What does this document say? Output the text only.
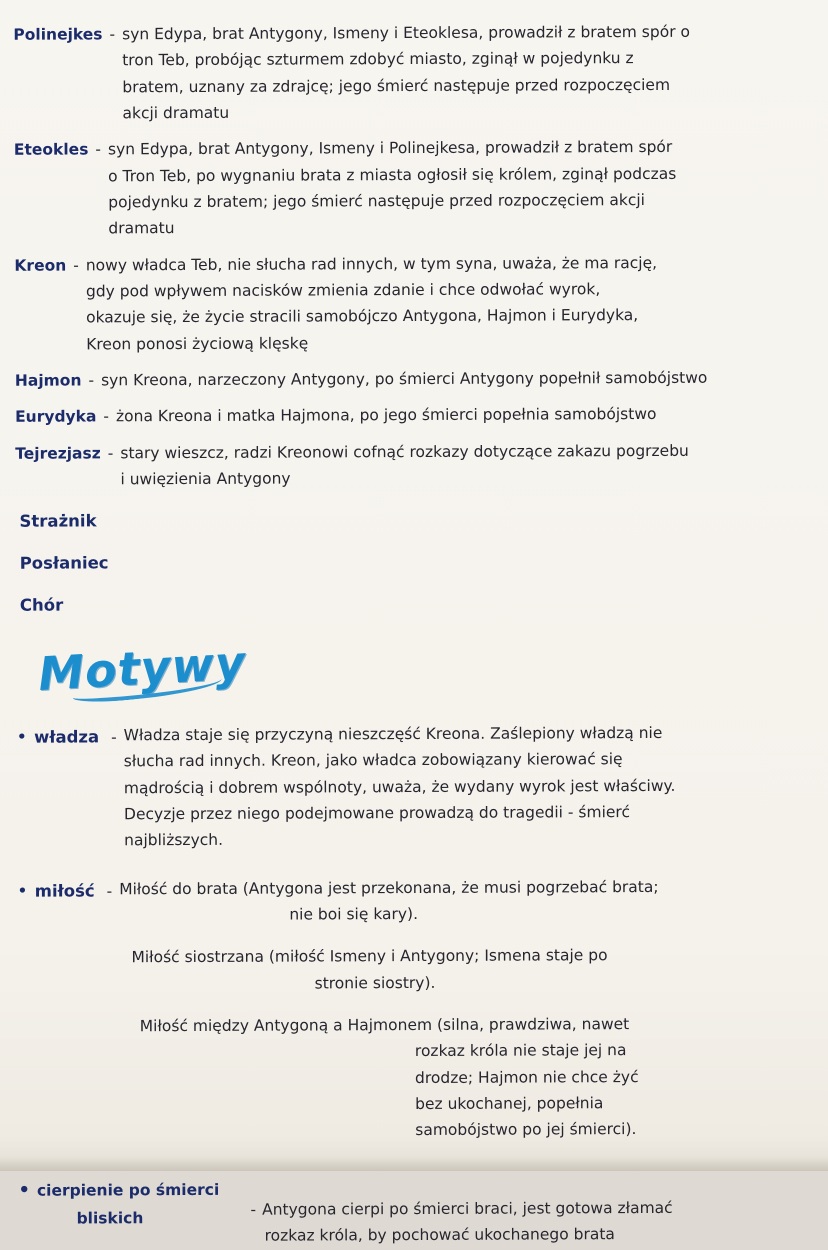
Polinejkes - syn Edypa, brat Antygony, Ismeny i Eteoklesa, prowadził z bratem spór o tron Teb, probójąc szturmem zdobyć miasto, zginął w pojedynku z bratem, uznany za zdrajcę; jego śmierć następuje przed rozpoczęciem akcji dramatu
Eteokles - syn Edypa, brat Antygony, Ismeny i Polinejkesa, prowadził z bratem spór o Tron Teb, po wygnaniu brata z miasta ogłosił się królem, zginął podczas pojedynku z bratem; jego śmierć następuje przed rozpoczęciem akcji dramatu
Kreon - nowy władca Teb, nie słucha rad innych, w tym syna, uważa, że ma rację, gdy pod wpływem nacisków zmienia zdanie i chce odwołać wyrok, okazuje się, że życie stracili samobójczo Antygona, Hajmon i Eurydyka, Kreon ponosi życiową klęskę
Hajmon - syn Kreona, narzeczony Antygony, po śmierci Antygony popełnił samobójstwo
Eurydyka - żona Kreona i matka Hajmona, po jego śmierci popełnia samobójstwo
Tejrezjasz - stary wieszcz, radzi Kreonowi cofnąć rozkazy dotyczące zakazu pogrzebu i uwięzienia Antygony
Strażnik
Posłaniec
Chór
Motywy
• władza - Władza staje się przyczyną nieszczęść Kreona. Zaślepiony władzą nie
słucha rad innych. Kreon, jako władca zobowiązany kierować się
mądrością i dobrem wspólnoty, uważa, że wydany wyrok jest właściwy.
Decyzje przez niego podejmowane prowadzą do tragedii - śmierć
najbliższych.
• miłość - Miłość do brata (Antygona jest przekonana, że musi pogrzebać brata;
nie boi się kary).
Miłość siostrzana (miłość Ismeny i Antygony; Ismena staje po
stronie siostry).
Miłość między Antygoną a Hajmonem (silna, prawdziwa, nawet
rozkaz króla nie staje jej na
drodze; Hajmon nie chce żyć
bez ukochanej, popełnia
samobójstwo po jej śmierci).
• cierpienie po śmierci
bliskich
- Antygona cierpi po śmierci braci, jest gotowa złamać
rozkaz króla, by pochować ukochanego brata
